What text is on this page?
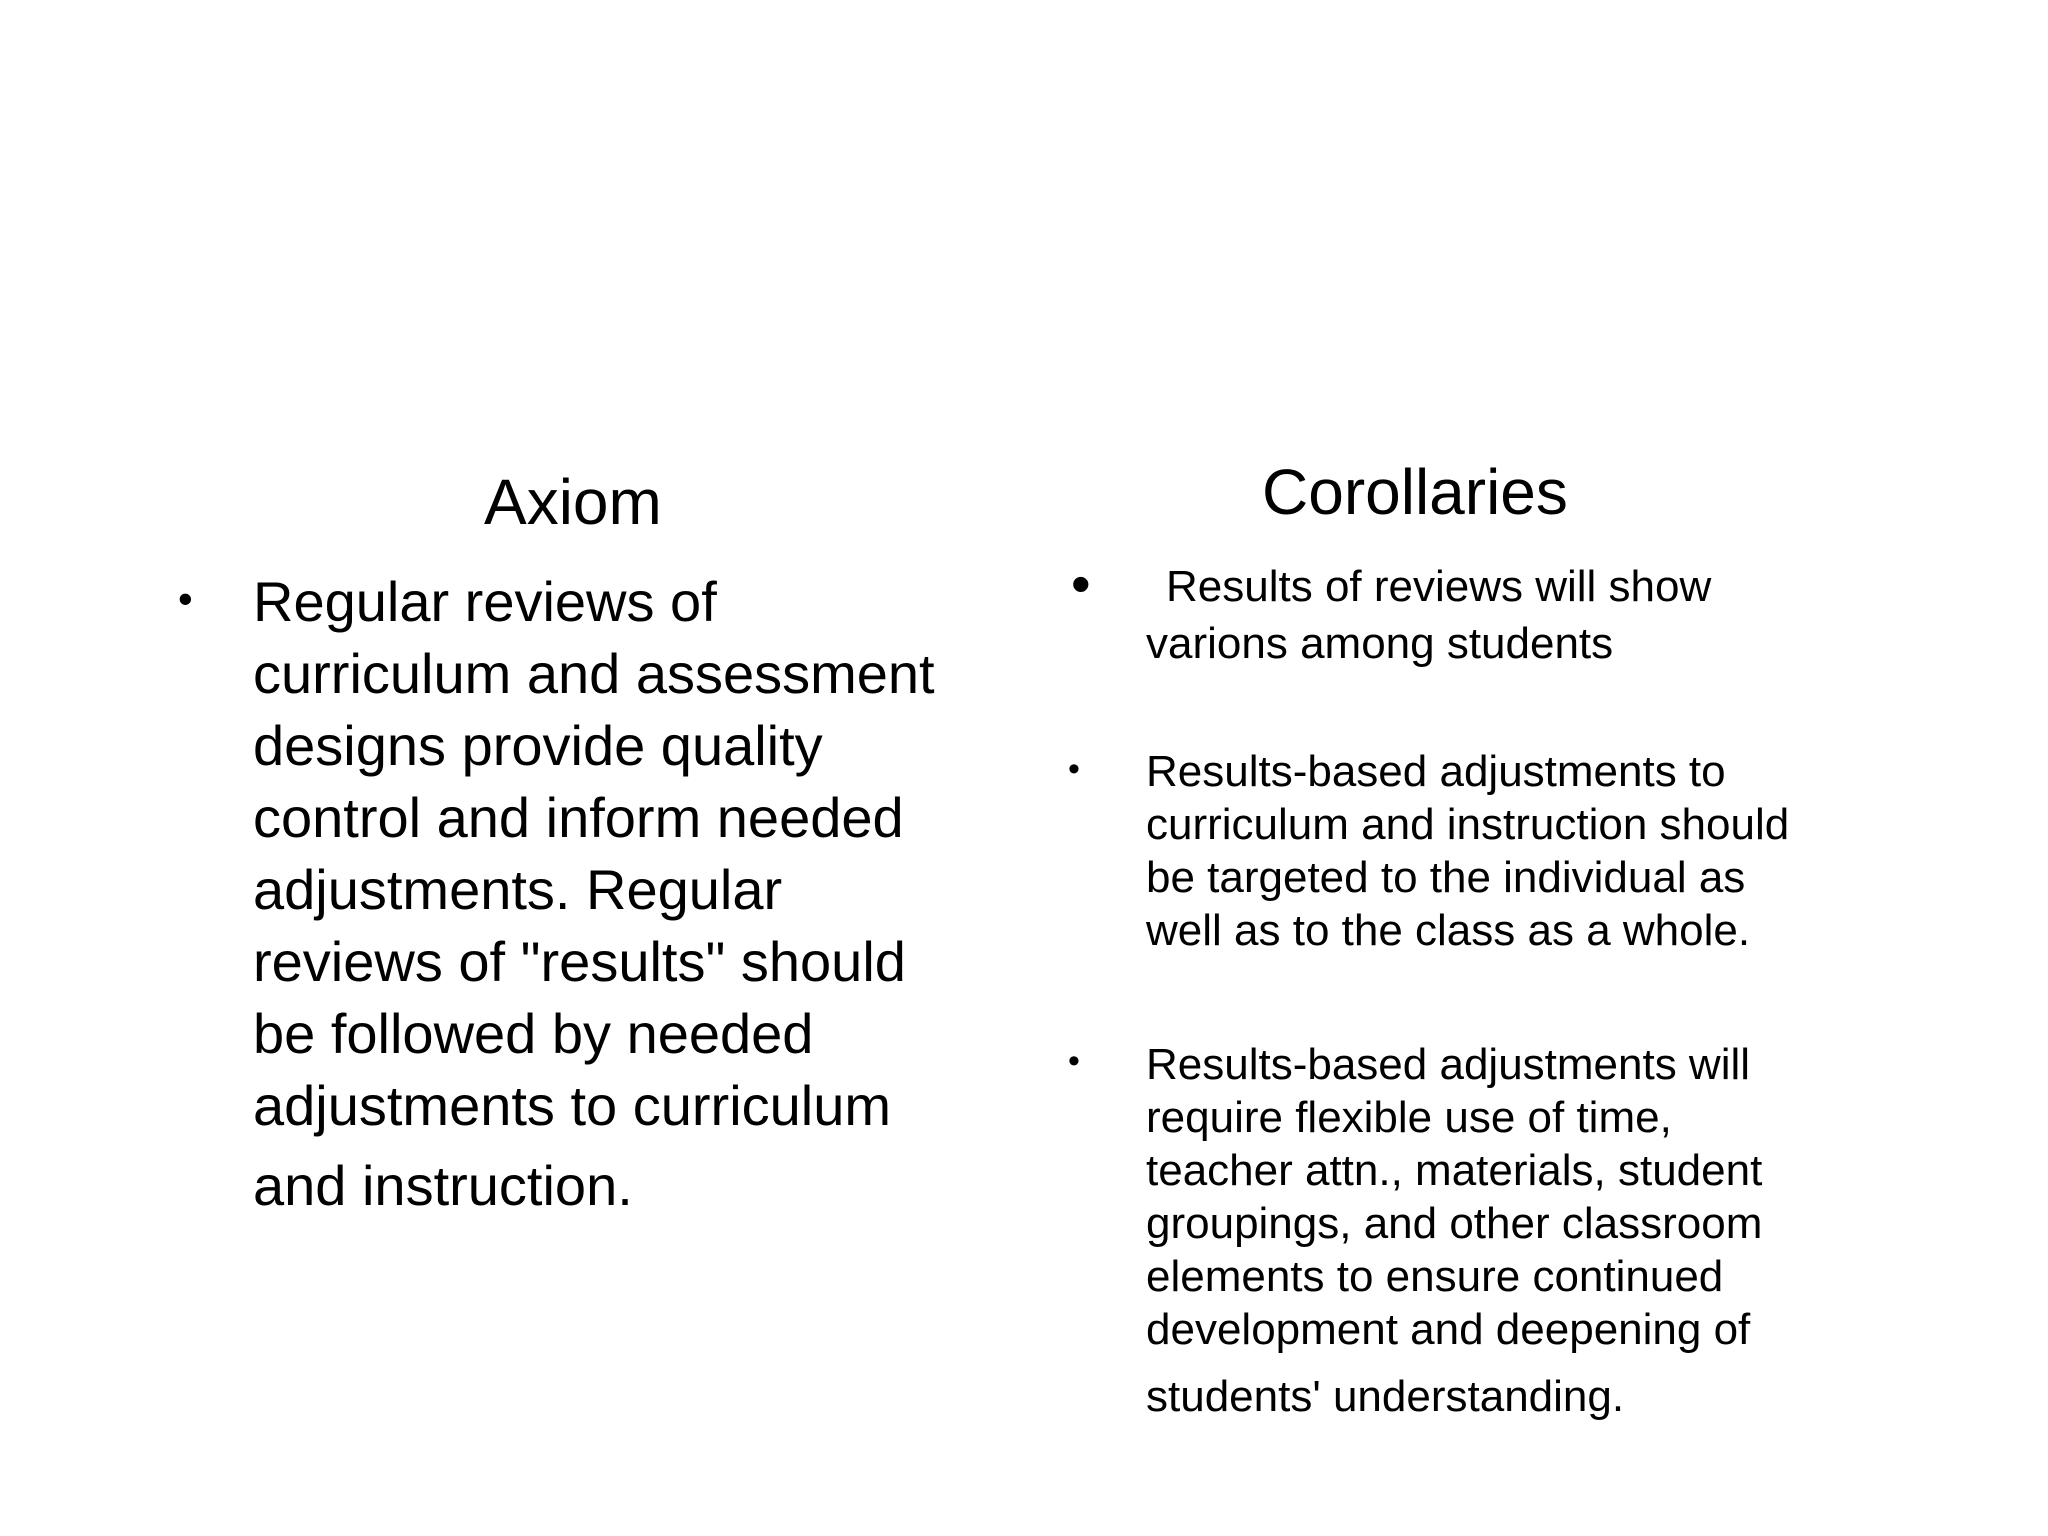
Axiom	Corollaries
• Regular reviews of
curriculum and assessment
designs provide quality
control and inform needed
adjustments. Regular
reviews of "results" should
be followed by needed
adjustments to curriculum
and instruction.
•	Results of reviews will show
varions among students
• Results-based adjustments to
curriculum and instruction should
be targeted to the individual as
well as to the class as a whole.
• Results-based adjustments will
require flexible use of time,
teacher attn., materials, student
groupings, and other classroom
elements to ensure continued
development and deepening of
students' understanding.
